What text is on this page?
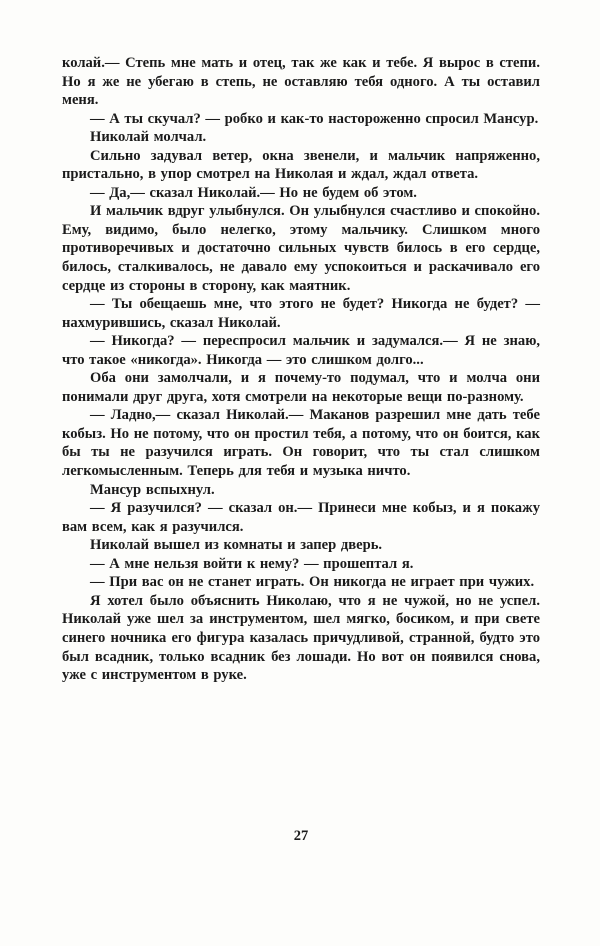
колай.— Степь мне мать и отец, так же как и тебе. Я вырос в степи. Но я же не убегаю в степь, не оставляю тебя одного. А ты оставил меня.

— А ты скучал? — робко и как-то настороженно спросил Мансур.

Николай молчал.

Сильно задувал ветер, окна звенели, и мальчик напряженно, пристально, в упор смотрел на Николая и ждал, ждал ответа.

— Да,— сказал Николай.— Но не будем об этом.

И мальчик вдруг улыбнулся. Он улыбнулся счастливо и спокойно. Ему, видимо, было нелегко, этому мальчику. Слишком много противоречивых и достаточно сильных чувств билось в его сердце, билось, сталкивалось, не давало ему успокоиться и раскачивало его сердце из стороны в сторону, как маятник.

— Ты обещаешь мне, что этого не будет? Никогда не будет? — нахмурившись, сказал Николай.

— Никогда? — переспросил мальчик и задумался.— Я не знаю, что такое «никогда». Никогда — это слишком долго...

Оба они замолчали, и я почему-то подумал, что и молча они понимали друг друга, хотя смотрели на некоторые вещи по-разному.

— Ладно,— сказал Николай.— Маканов разрешил мне дать тебе кобыз. Но не потому, что он простил тебя, а потому, что он боится, как бы ты не разучился играть. Он говорит, что ты стал слишком легкомысленным. Теперь для тебя и музыка ничто.

Мансур вспыхнул.

— Я разучился? — сказал он.— Принеси мне кобыз, и я покажу вам всем, как я разучился.

Николай вышел из комнаты и запер дверь.

— А мне нельзя войти к нему? — прошептал я.

— При вас он не станет играть. Он никогда не играет при чужих.

Я хотел было объяснить Николаю, что я не чужой, но не успел. Николай уже шел за инструментом, шел мягко, босиком, и при свете синего ночника его фигура казалась причудливой, странной, будто это был всадник, только всадник без лошади. Но вот он появился снова, уже с инструментом в руке.

27
